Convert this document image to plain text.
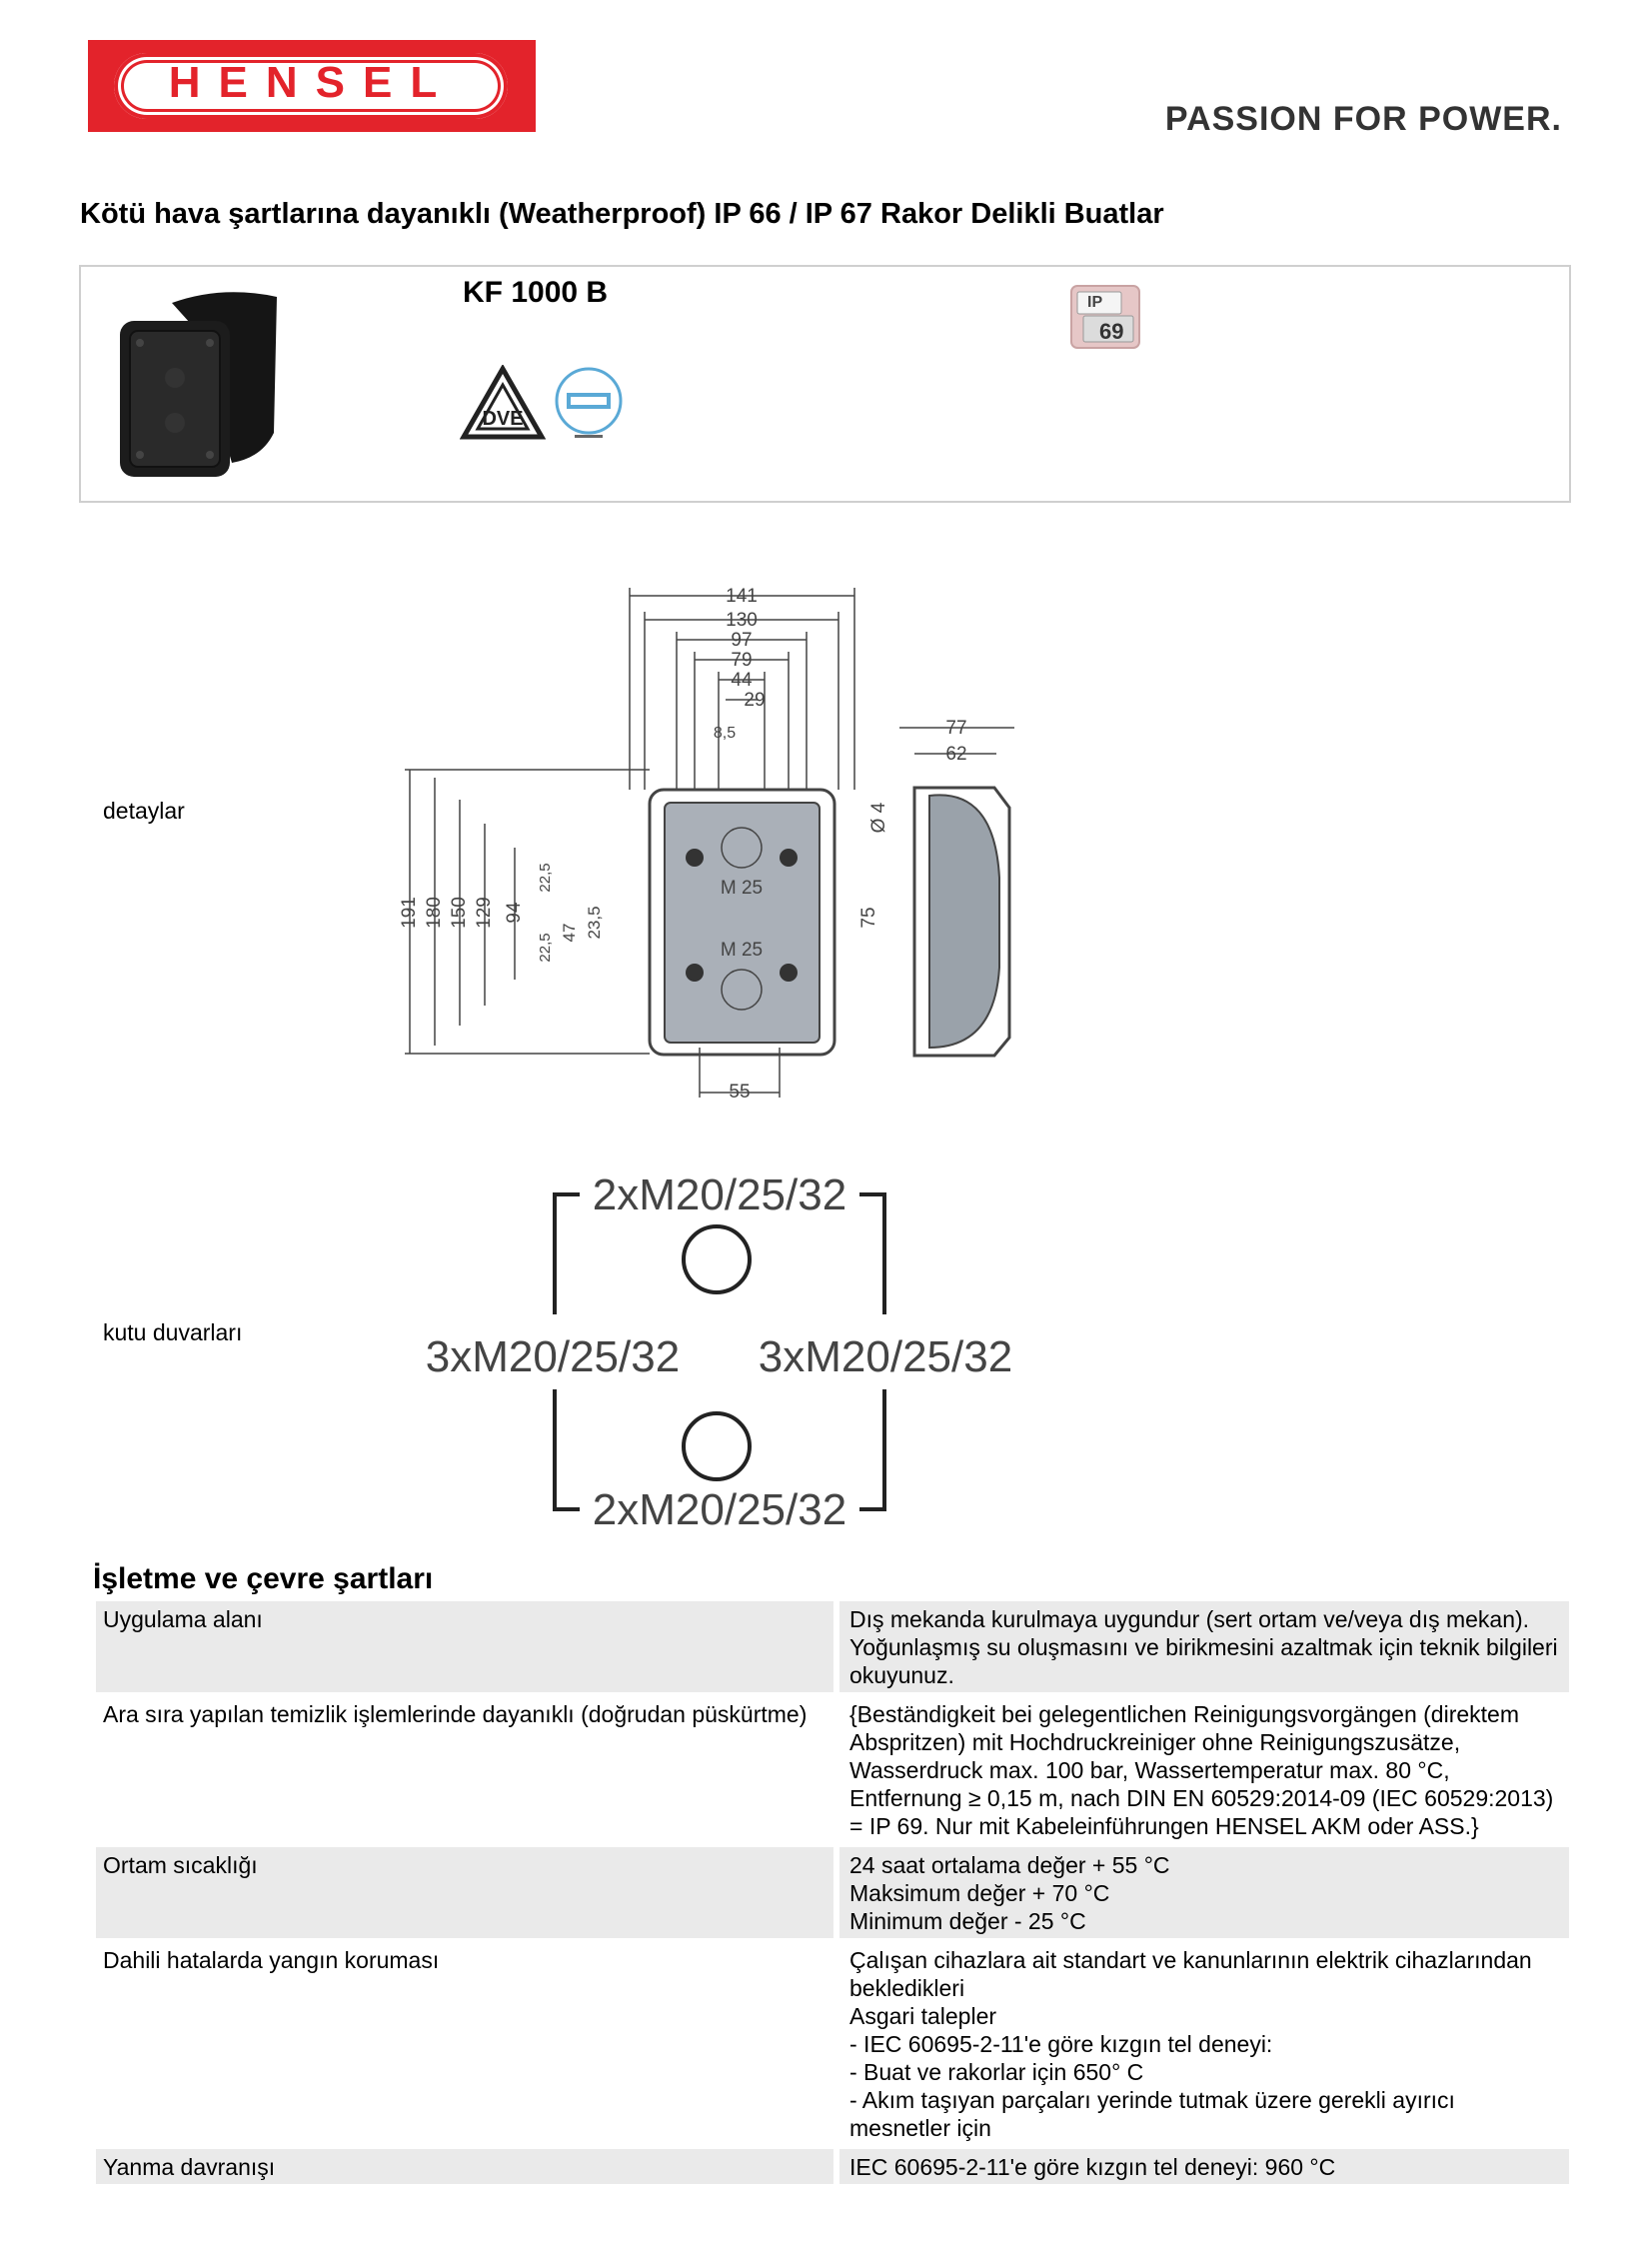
HENSEL
PASSION FOR POWER.
Kötü hava şartlarına dayanıklı (Weatherproof) IP 66 / IP 67 Rakor Delikli Buatlar
KF 1000 B
DVE
IP
69
detaylar
141
130
97
79
44
29
8,5	77
62
55
M 25
M 25
191 180 150 129 94
47 23,5
22,5
22,5
75
Ø 4
kutu duvarları
2xM20/25/32
3xM20/25/32 3xM20/25/32
2xM20/25/32
İşletme ve çevre şartları
Uygulama alanı	Dış mekanda kurulmaya uygundur (sert ortam ve/veya dış mekan).
Yoğunlaşmış su oluşmasını ve birikmesini azaltmak için teknik bilgileri okuyunuz.

Ara sıra yapılan temizlik işlemlerinde dayanıklı (doğrudan püskürtme)	{Beständigkeit bei gelegentlichen Reinigungsvorgängen (direktem Abspritzen) mit Hochdruckreiniger ohne Reinigungszusätze, Wasserdruck max. 100 bar, Wassertemperatur max. 80 °C, Entfernung ≥ 0,15 m, nach DIN EN 60529:2014-09 (IEC 60529:2013) = IP 69. Nur mit Kabeleinführungen HENSEL AKM oder ASS.}

Ortam sıcaklığı	24 saat ortalama değer + 55 °C
Maksimum değer + 70 °C
Minimum değer - 25 °C

Dahili hatalarda yangın koruması	Çalışan cihazlara ait standart ve kanunlarının elektrik cihazlarından bekledikleri
Asgari talepler
- IEC 60695-2-11'e göre kızgın tel deneyi:
- Buat ve rakorlar için 650° C
- Akım taşıyan parçaları yerinde tutmak üzere gerekli ayırıcı mesnetler için

Yanma davranışı	IEC 60695-2-11'e göre kızgın tel deneyi: 960 °C
